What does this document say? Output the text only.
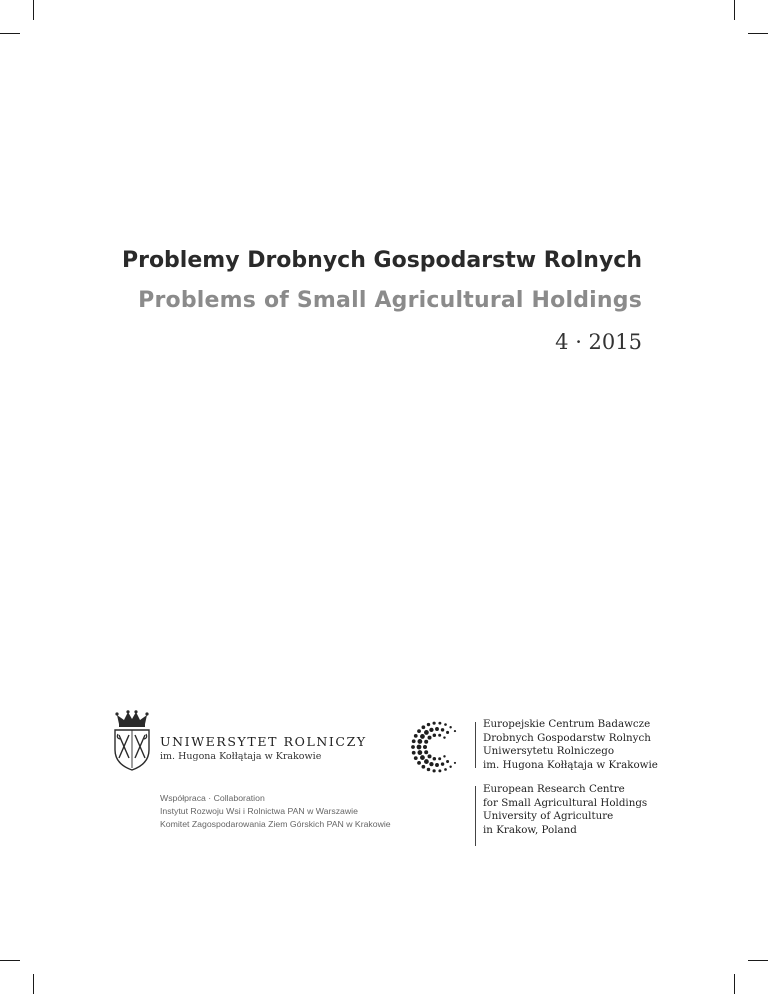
Problemy Drobnych Gospodarstw Rolnych
Problems of Small Agricultural Holdings

4 · 2015

UNIWERSYTET ROLNICZY

im. Hugona Kołłątaja w Krakowie

Współpraca · Collaboration
Instytut Rozwoju Wsi i Rolnictwa PAN w Warszawie
Komitet Zagospodarowania Ziem Górskich PAN w Krakowie
Europejskie Centrum Badawcze
Drobnych Gospodarstw Rolnych
Uniwersytetu Rolniczego
im. Hugona Kołłątaja w Krakowie
European Research Centre
for Small Agricultural Holdings
University of Agriculture
in Krakow, Poland
